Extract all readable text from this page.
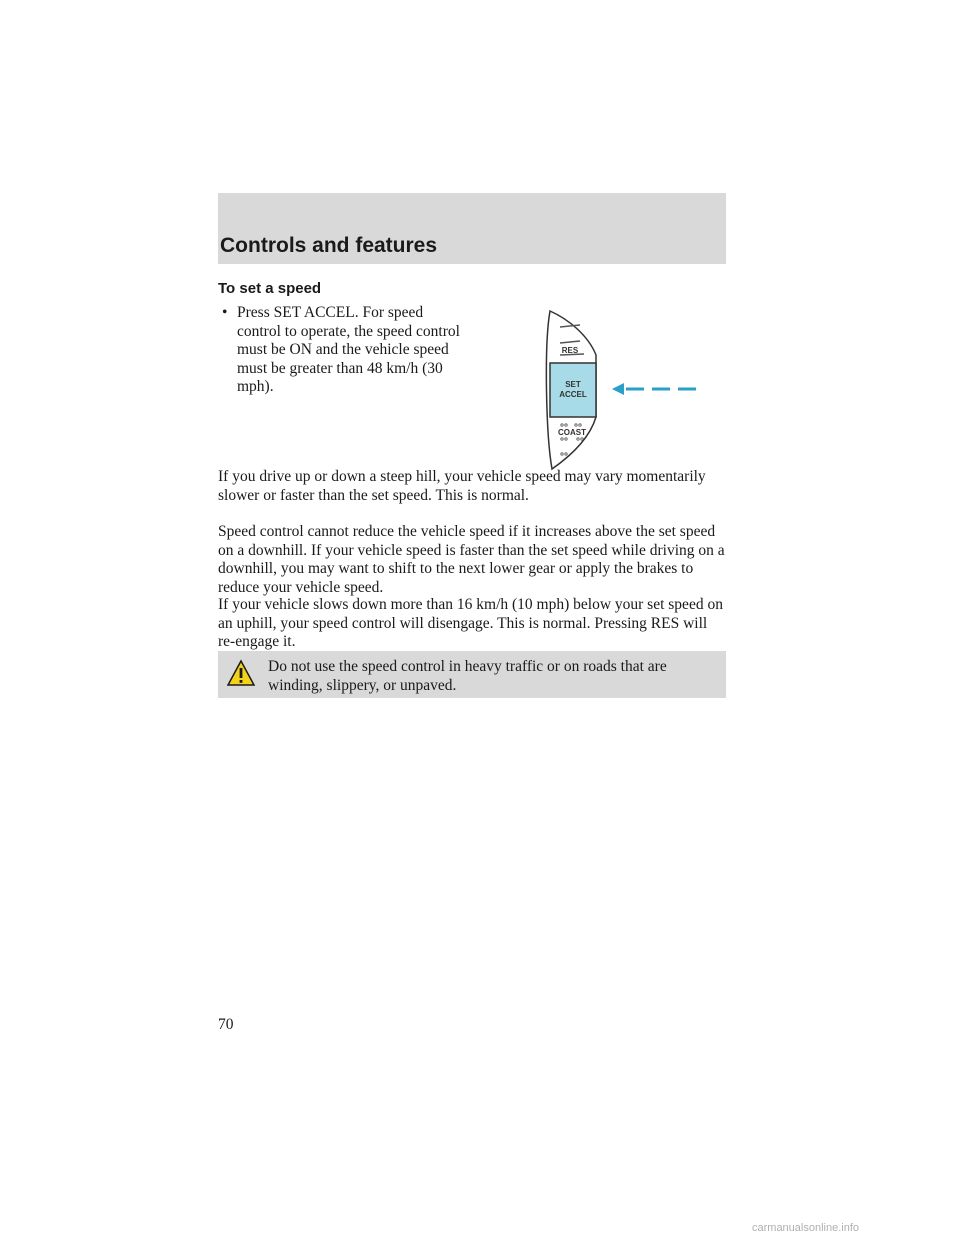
Controls and features
To set a speed
• Press SET ACCEL. For speed control to operate, the speed control must be ON and the vehicle speed must be greater than 48 km/h (30 mph).
RES
SET
ACCEL
COAST

If you drive up or down a steep hill, your vehicle speed may vary momentarily slower or faster than the set speed. This is normal.

Speed control cannot reduce the vehicle speed if it increases above the set speed on a downhill. If your vehicle speed is faster than the set speed while driving on a downhill, you may want to shift to the next lower gear or apply the brakes to reduce your vehicle speed.

If your vehicle slows down more than 16 km/h (10 mph) below your set speed on an uphill, your speed control will disengage. This is normal. Pressing RES will re-engage it.

Do not use the speed control in heavy traffic or on roads that are winding, slippery, or unpaved.
70
carmanualsonline.info
